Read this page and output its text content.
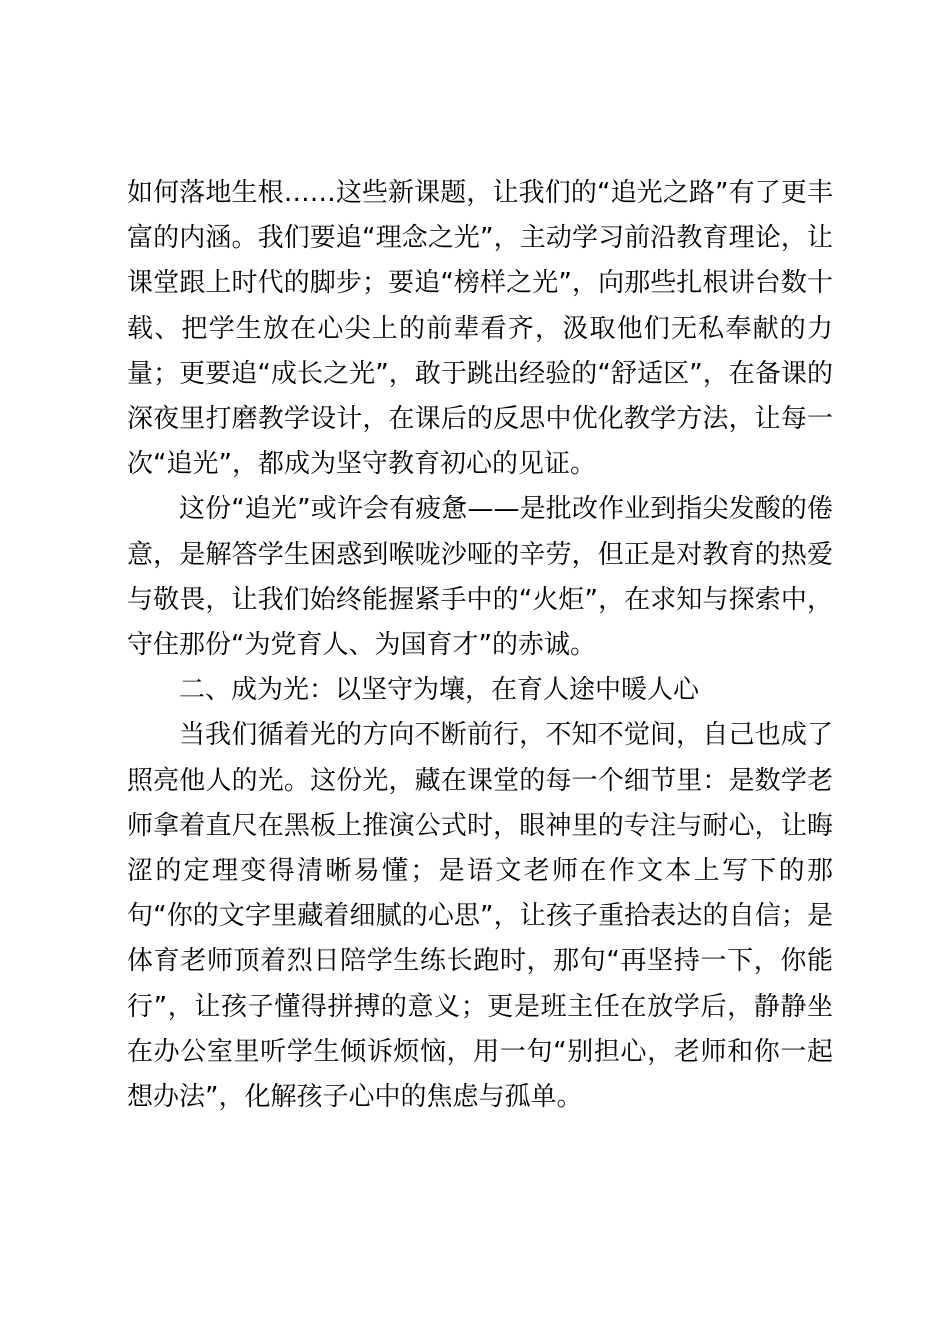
如何落地生根……这些新课题，让我们的“追光之路”有了更丰富的内涵。我们要追“理念之光”，主动学习前沿教育理论，让课堂跟上时代的脚步；要追“榜样之光”，向那些扎根讲台数十载、把学生放在心尖上的前辈看齐，汲取他们无私奉献的力量；更要追“成长之光”，敢于跳出经验的“舒适区”，在备课的深夜里打磨教学设计，在课后的反思中优化教学方法，让每一次“追光”，都成为坚守教育初心的见证。

这份“追光”或许会有疲惫——是批改作业到指尖发酸的倦意，是解答学生困惑到喉咙沙哑的辛劳，但正是对教育的热爱与敬畏，让我们始终能握紧手中的“火炬”，在求知与探索中，守住那份“为党育人、为国育才”的赤诚。

二、成为光：以坚守为壤，在育人途中暖人心

当我们循着光的方向不断前行，不知不觉间，自己也成了照亮他人的光。这份光，藏在课堂的每一个细节里：是数学老师拿着直尺在黑板上推演公式时，眼神里的专注与耐心，让晦涩的定理变得清晰易懂；是语文老师在作文本上写下的那句“你的文字里藏着细腻的心思”，让孩子重拾表达的自信；是体育老师顶着烈日陪学生练长跑时，那句“再坚持一下，你能行”，让孩子懂得拼搏的意义；更是班主任在放学后，静静坐在办公室里听学生倾诉烦恼，用一句“别担心，老师和你一起想办法”，化解孩子心中的焦虑与孤单。
